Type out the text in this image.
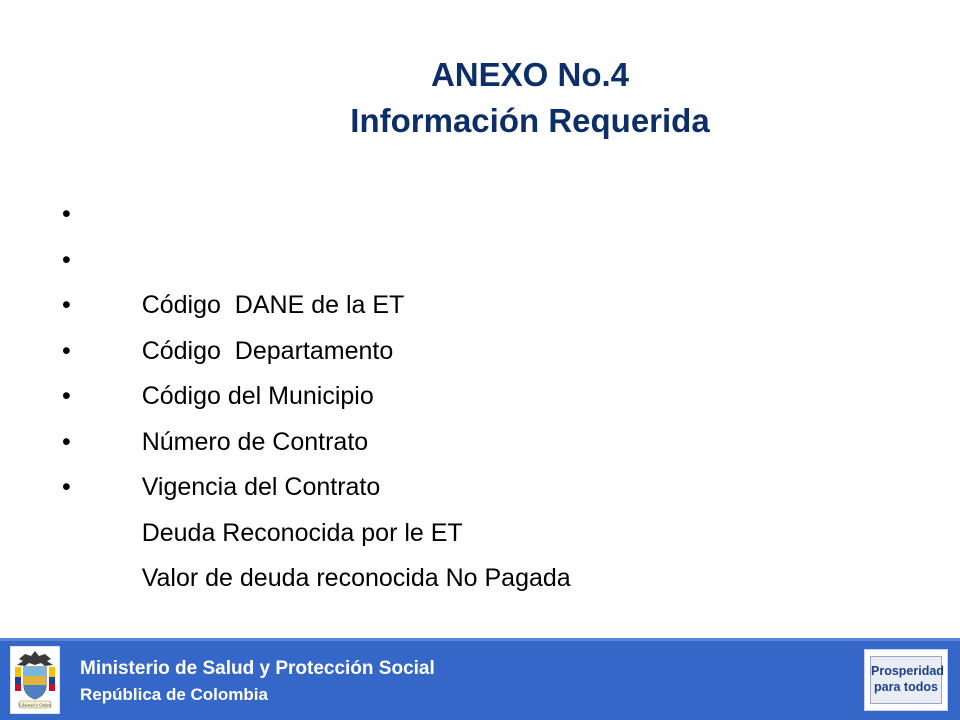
ANEXO No.4
Información Requerida

•

Código  DANE de la ET

•

Código  Departamento

•

Código del Municipio

•

Número de Contrato

•

Vigencia del Contrato

•

Deuda Reconocida por le ET

•

Valor de deuda reconocida No Pagada

Libertad y Orden
Ministerio de Salud y Protección Social
República de Colombia
Prosperidad
para todos
